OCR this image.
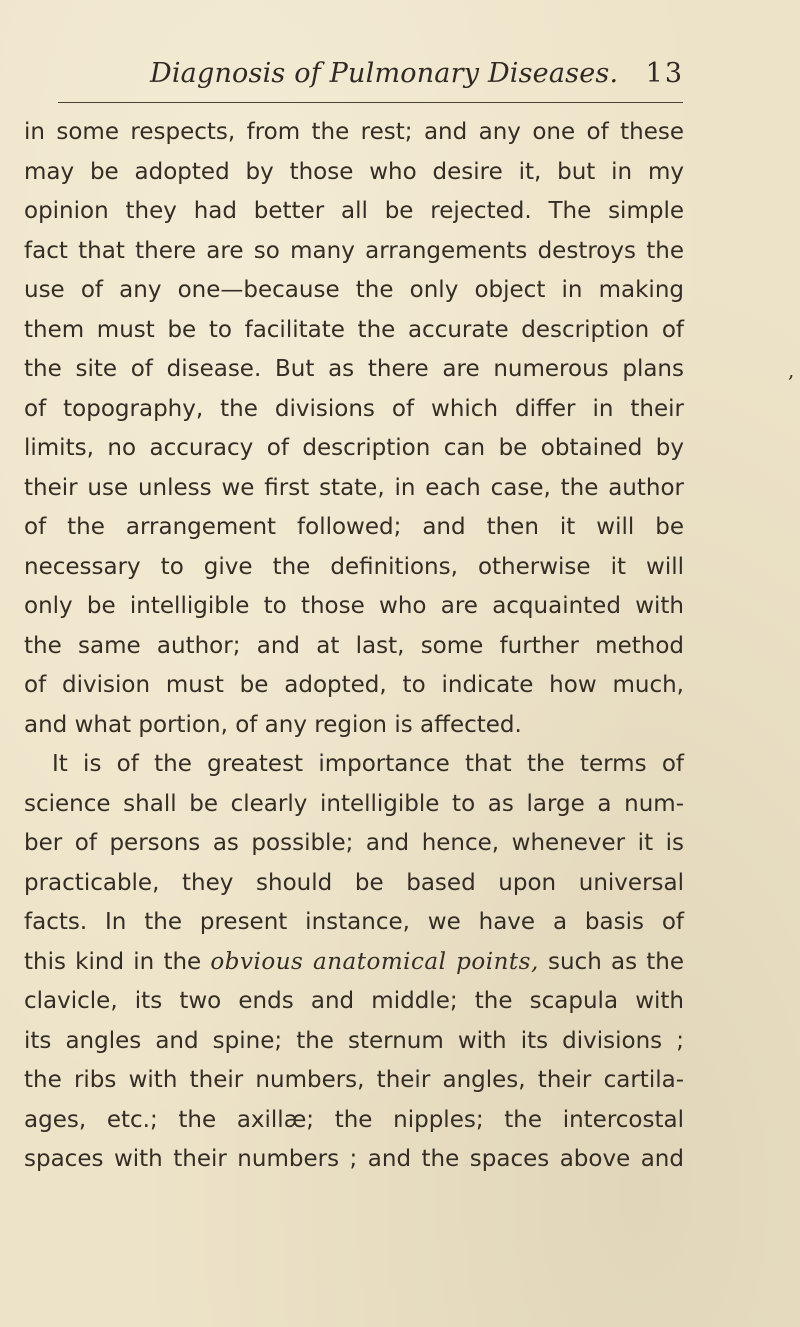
Diagnosis of Pulmonary Diseases. 13
in some respects, from the rest; and any one of these
may be adopted by those who desire it, but in my
opinion they had better all be rejected. The simple
fact that there are so many arrangements destroys the
use of any one—because the only object in making
them must be to facilitate the accurate description of
the site of disease. But as there are numerous plans
of topography, the divisions of which differ in their
limits, no accuracy of description can be obtained by
their use unless we first state, in each case, the author
of the arrangement followed; and then it will be
necessary to give the definitions, otherwise it will
only be intelligible to those who are acquainted with
the same author; and at last, some further method
of division must be adopted, to indicate how much,
and what portion, of any region is affected.
It is of the greatest importance that the terms of
science shall be clearly intelligible to as large a num-
ber of persons as possible; and hence, whenever it is
practicable, they should be based upon universal
facts. In the present instance, we have a basis of
this kind in the obvious anatomical points, such as the
clavicle, its two ends and middle; the scapula with
its angles and spine; the sternum with its divisions ;
the ribs with their numbers, their angles, their cartila-
ages, etc.; the axillæ; the nipples; the intercostal
spaces with their numbers ; and the spaces above and
,
